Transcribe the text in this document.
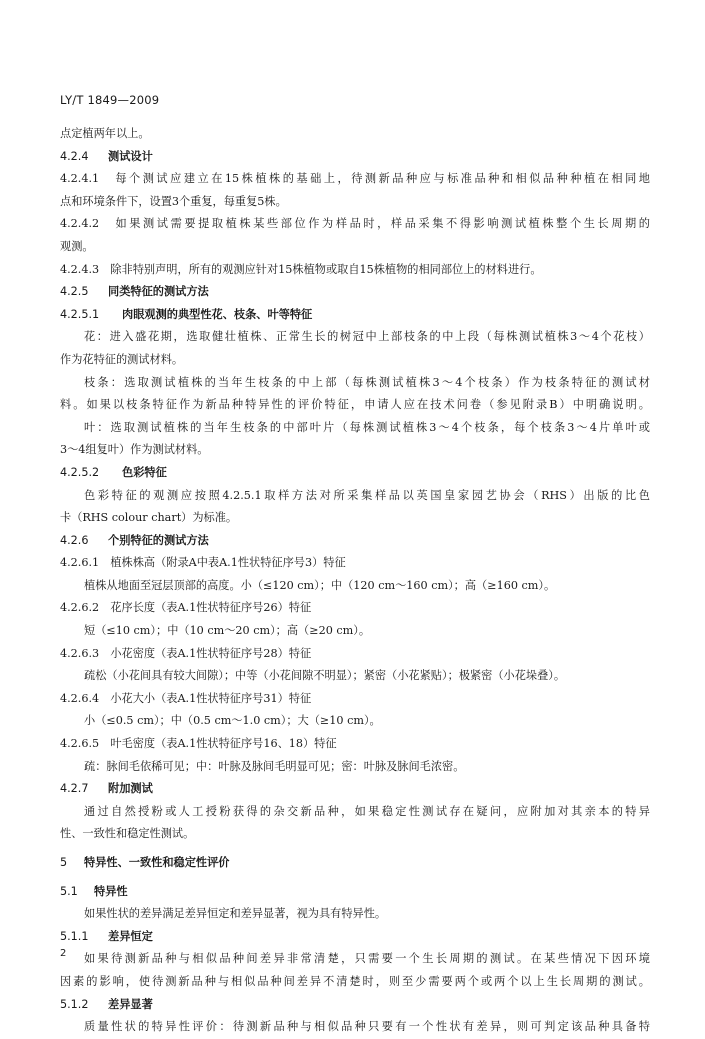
LY/T 1849—2009
点定植两年以上。
4.2.4 测试设计
4.2.4.1　每个测试应建立在15株植株的基础上，待测新品种应与标准品种和相似品种种植在相同地
点和环境条件下，设置3个重复，每重复5株。
4.2.4.2　如果测试需要提取植株某些部位作为样品时，样品采集不得影响测试植株整个生长周期的
观测。
4.2.4.3　除非特别声明，所有的观测应针对15株植物或取自15株植物的相同部位上的材料进行。
4.2.5 同类特征的测试方法
4.2.5.1 肉眼观测的典型性花、枝条、叶等特征
花：进入盛花期，选取健壮植株、正常生长的树冠中上部枝条的中上段（每株测试植株3～4个花枝）
作为花特征的测试材料。
枝条：选取测试植株的当年生枝条的中上部（每株测试植株3～4个枝条）作为枝条特征的测试材
料。如果以枝条特征作为新品种特异性的评价特征，申请人应在技术问卷（参见附录B）中明确说明。
叶：选取测试植株的当年生枝条的中部叶片（每株测试植株3～4个枝条，每个枝条3～4片单叶或
3～4组复叶）作为测试材料。
4.2.5.2 色彩特征
色彩特征的观测应按照4.2.5.1取样方法对所采集样品以英国皇家园艺协会（RHS）出版的比色
卡（RHS colour chart）为标准。
4.2.6 个别特征的测试方法
4.2.6.1　植株株高（附录A中表A.1性状特征序号3）特征
植株从地面至冠层顶部的高度。小（≤120 cm）；中（120 cm～160 cm）；高（≥160 cm）。
4.2.6.2　花序长度（表A.1性状特征序号26）特征
短（≤10 cm）；中（10 cm～20 cm）；高（≥20 cm）。
4.2.6.3　小花密度（表A.1性状特征序号28）特征
疏松（小花间具有较大间隙）；中等（小花间隙不明显）；紧密（小花紧贴）；极紧密（小花垛叠）。
4.2.6.4　小花大小（表A.1性状特征序号31）特征
小（≤0.5 cm）；中（0.5 cm～1.0 cm）；大（≥10 cm）。
4.2.6.5　叶毛密度（表A.1性状特征序号16、18）特征
疏：脉间毛依稀可见；中：叶脉及脉间毛明显可见；密：叶脉及脉间毛浓密。
4.2.7 附加测试
通过自然授粉或人工授粉获得的杂交新品种，如果稳定性测试存在疑问，应附加对其亲本的特异
性、一致性和稳定性测试。
5 特异性、一致性和稳定性评价
5.1 特异性
如果性状的差异满足差异恒定和差异显著，视为具有特异性。
5.1.1 差异恒定
如果待测新品种与相似品种间差异非常清楚，只需要一个生长周期的测试。在某些情况下因环境
因素的影响，使待测新品种与相似品种间差异不清楚时，则至少需要两个或两个以上生长周期的测试。
5.1.2 差异显著
质量性状的特异性评价：待测新品种与相似品种只要有一个性状有差异，则可判定该品种具备特
2
